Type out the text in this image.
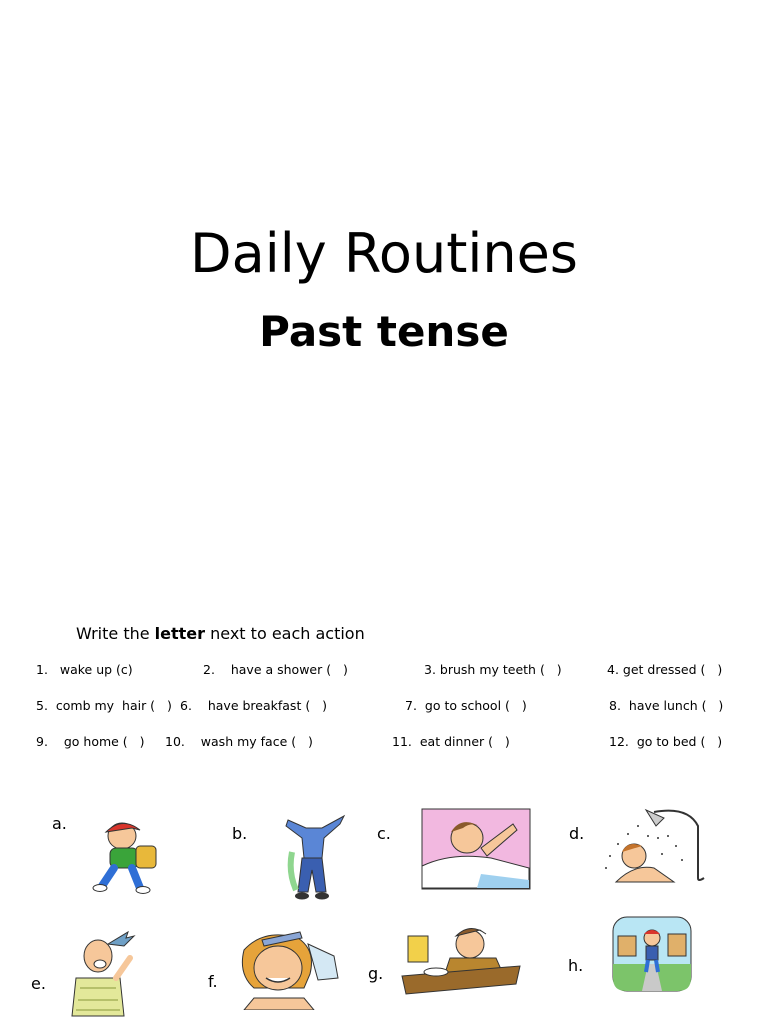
Daily Routines
Past tense
Write the letter next to each action
1. wake up (c)	2. have a shower (   )	3. brush my teeth (   )	4. get dressed (   )
5. comb my  hair (   ) 6. have breakfast (   )	7. go to school (   )	8. have lunch (   )
9. go home (   ) 10. wash my face (   )	11. eat dinner (   )	12. go to bed (   )
a.
b.	c.	d.
e.	f.	g.	h.
